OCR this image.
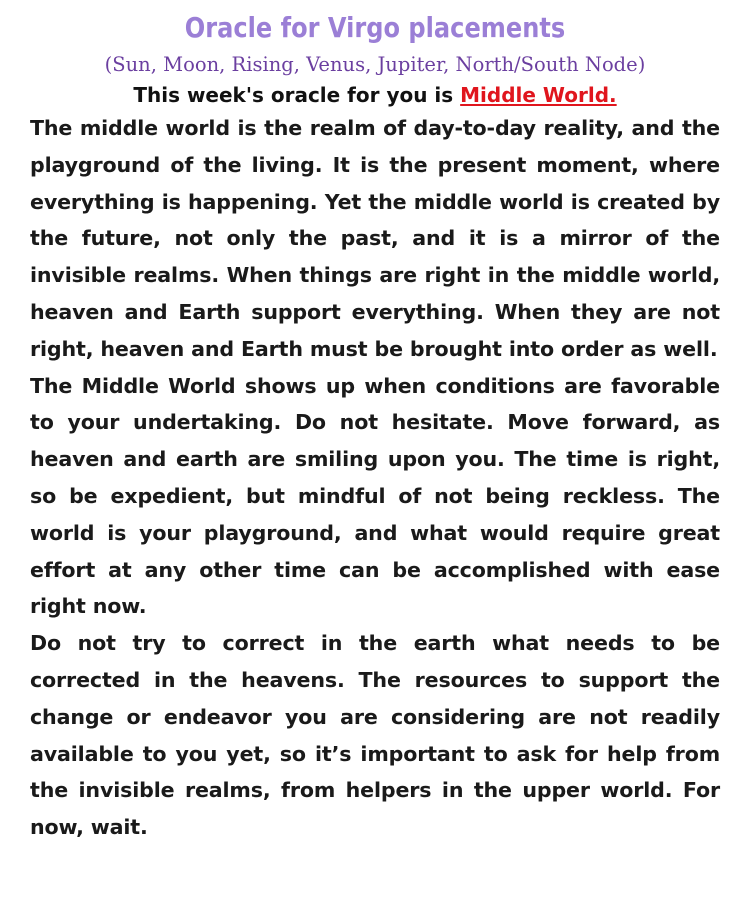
Oracle for Virgo placements

(Sun, Moon, Rising, Venus, Jupiter, North/South Node)

This week's oracle for you is Middle World.

The middle world is the realm of day-to-day reality, and the playground of the living. It is the present moment, where everything is happening. Yet the middle world is created by the future, not only the past, and it is a mirror of the invisible realms. When things are right in the middle world, heaven and Earth support everything. When they are not right, heaven and Earth must be brought into order as well.

The Middle World shows up when conditions are favorable to your undertaking. Do not hesitate. Move forward, as heaven and earth are smiling upon you. The time is right, so be expedient, but mindful of not being reckless. The world is your playground, and what would require great effort at any other time can be accomplished with ease right now.

Do not try to correct in the earth what needs to be corrected in the heavens. The resources to support the change or endeavor you are considering are not readily available to you yet, so it’s important to ask for help from the invisible realms, from helpers in the upper world. For now, wait.
